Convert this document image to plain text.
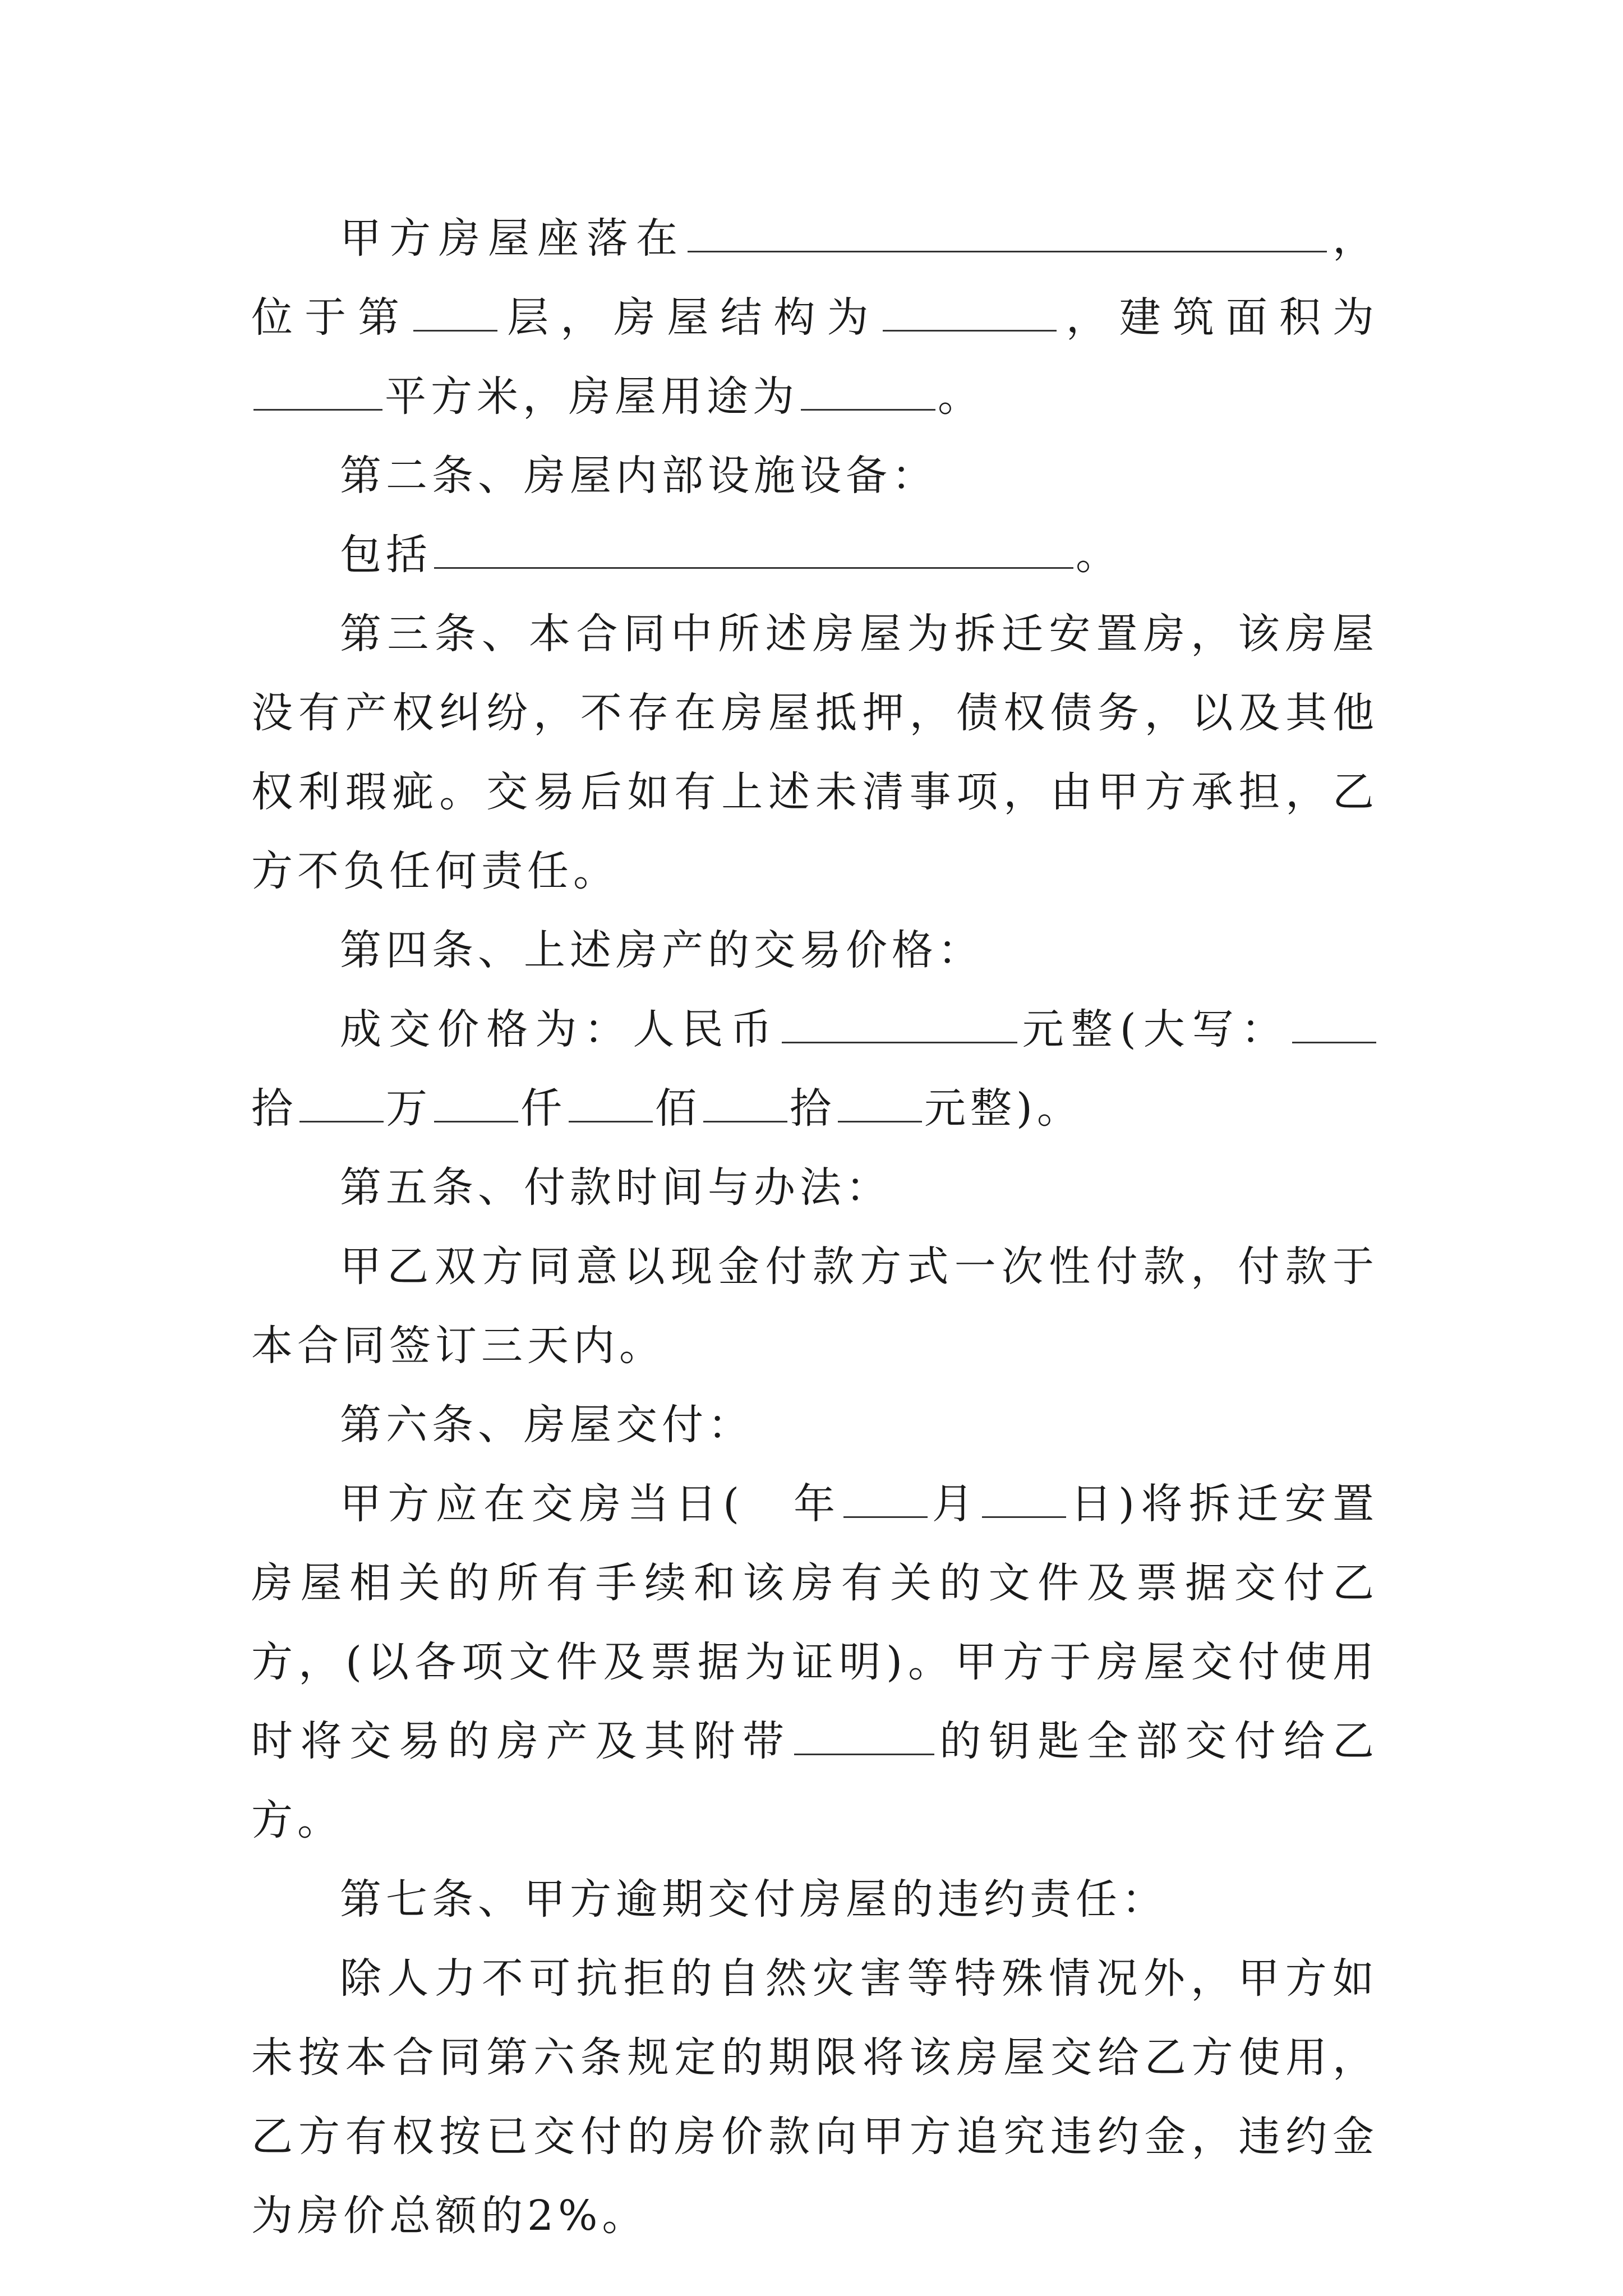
甲方房屋座落在	，位于第 层，房屋结构为	，建筑面积为平方米，房屋用途为	。

第二条、房屋内部设施设备：

包括	。

第三条、本合同中所述房屋为拆迁安置房，该房屋没有产权纠纷，不存在房屋抵押，债权债务，以及其他权利瑕疵。交易后如有上述未清事项，由甲方承担，乙方不负任何责任。

第四条、上述房产的交易价格：

成交价格为：人民币	元整(大写：拾 万 仟 佰 拾 元整)。

第五条、付款时间与办法：

甲乙双方同意以现金付款方式一次性付款，付款于本合同签订三天内。

第六条、房屋交付：

甲方应在交房当日(　年 月 日)将拆迁安置房屋相关的所有手续和该房有关的文件及票据交付乙方，(以各项文件及票据为证明)。甲方于房屋交付使用时将交易的房产及其附带	的钥匙全部交付给乙方。

第七条、甲方逾期交付房屋的违约责任：

除人力不可抗拒的自然灾害等特殊情况外，甲方如未按本合同第六条规定的期限将该房屋交给乙方使用，乙方有权按已交付的房价款向甲方追究违约金，违约金为房价总额的2%。
